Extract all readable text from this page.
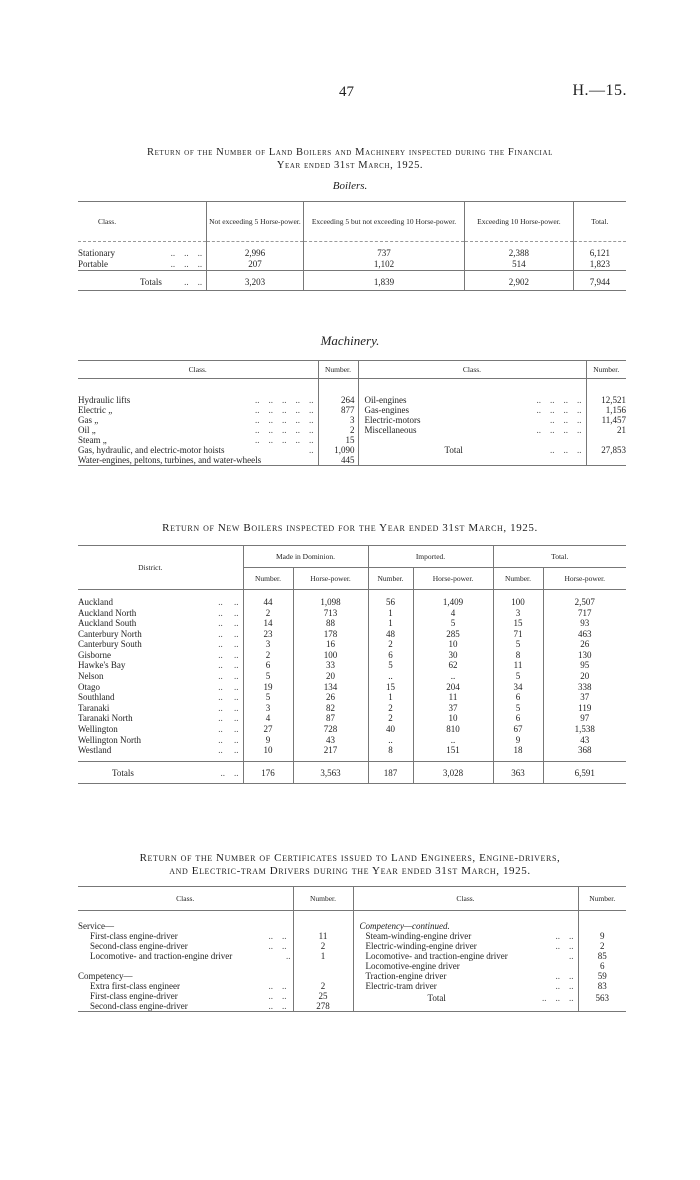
47	H.—15.
Return of the Number of Land Boilers and Machinery inspected during the Financial
Year ended 31st March, 1925.
Boilers.
Class.	Not exceeding 5 Horse-power.	Exceeding 5 but not exceeding 10 Horse-power.	Exceeding 10 Horse-power.	Total.

Stationary ..    ..    ..	2,996	737	2,388	6,121
Portable ..    ..    ..	207	1,102	514	1,823
Totals ..    ..	3,203	1,839	2,902	7,944

Machinery.
Class.	Number.	Class.	Number.

Hydraulic lifts ..    ..    ..    ..    ..	264	Oil-engines ..    ..    ..    ..	12,521
Electric „ ..    ..    ..    ..    ..	877	Gas-engines ..    ..    ..    ..	1,156
Gas „ ..    ..    ..    ..    ..	3	Electric-motors ..    ..    ..	11,457
Oil „ ..    ..    ..    ..    ..	2	Miscellaneous ..    ..    ..    ..	21
Steam „ ..    ..    ..    ..    ..	15		
Gas, hydraulic, and electric-motor hoists ..	1,090	Total ..    ..    ..	27,853
Water-engines, peltons, turbines, and water-wheels	445		

Return of New Boilers inspected for the Year ended 31st March, 1925.
District.	Made in Dominion.		Imported.		Total.	
	Number.	Horse-power.	Number.	Horse-power.	Number.	Horse-power.
Auckland ..     ..	44	1,098	56	1,409	100	2,507
Auckland North ..     ..	2	713	1	4	3	717
Auckland South ..     ..	14	88	1	5	15	93
Canterbury North ..     ..	23	178	48	285	71	463
Canterbury South ..     ..	3	16	2	10	5	26
Gisborne ..     ..	2	100	6	30	8	130
Hawke's Bay ..     ..	6	33	5	62	11	95
Nelson ..     ..	5	20	..	..	5	20
Otago ..     ..	19	134	15	204	34	338
Southland ..     ..	5	26	1	11	6	37
Taranaki ..     ..	3	82	2	37	5	119
Taranaki North ..     ..	4	87	2	10	6	97
Wellington ..     ..	27	728	40	810	67	1,538
Wellington North ..     ..	9	43	..	..	9	43
Westland ..     ..	10	217	8	151	18	368

Totals ..    ..	176	3,563	187	3,028	363	6,591

Return of the Number of Certificates issued to Land Engineers, Engine-drivers,
and Electric-tram Drivers during the Year ended 31st March, 1925.
Class.	Number.	Class.	Number.

Service—		Competency—continued.	
First-class engine-driver ..    ..	11	Steam-winding-engine driver ..    ..	9
Second-class engine-driver ..    ..	2	Electric-winding-engine driver ..    ..	2
Locomotive- and traction-engine driver ..	1	Locomotive- and traction-engine driver ..	85
		Locomotive-engine driver	6
Competency—		Traction-engine driver ..    ..	59
Extra first-class engineer ..    ..	2	Electric-tram driver ..    ..	83
First-class engine-driver ..    ..	25	Total ..    ..    ..	563
Second-class engine-driver ..    ..	278		
